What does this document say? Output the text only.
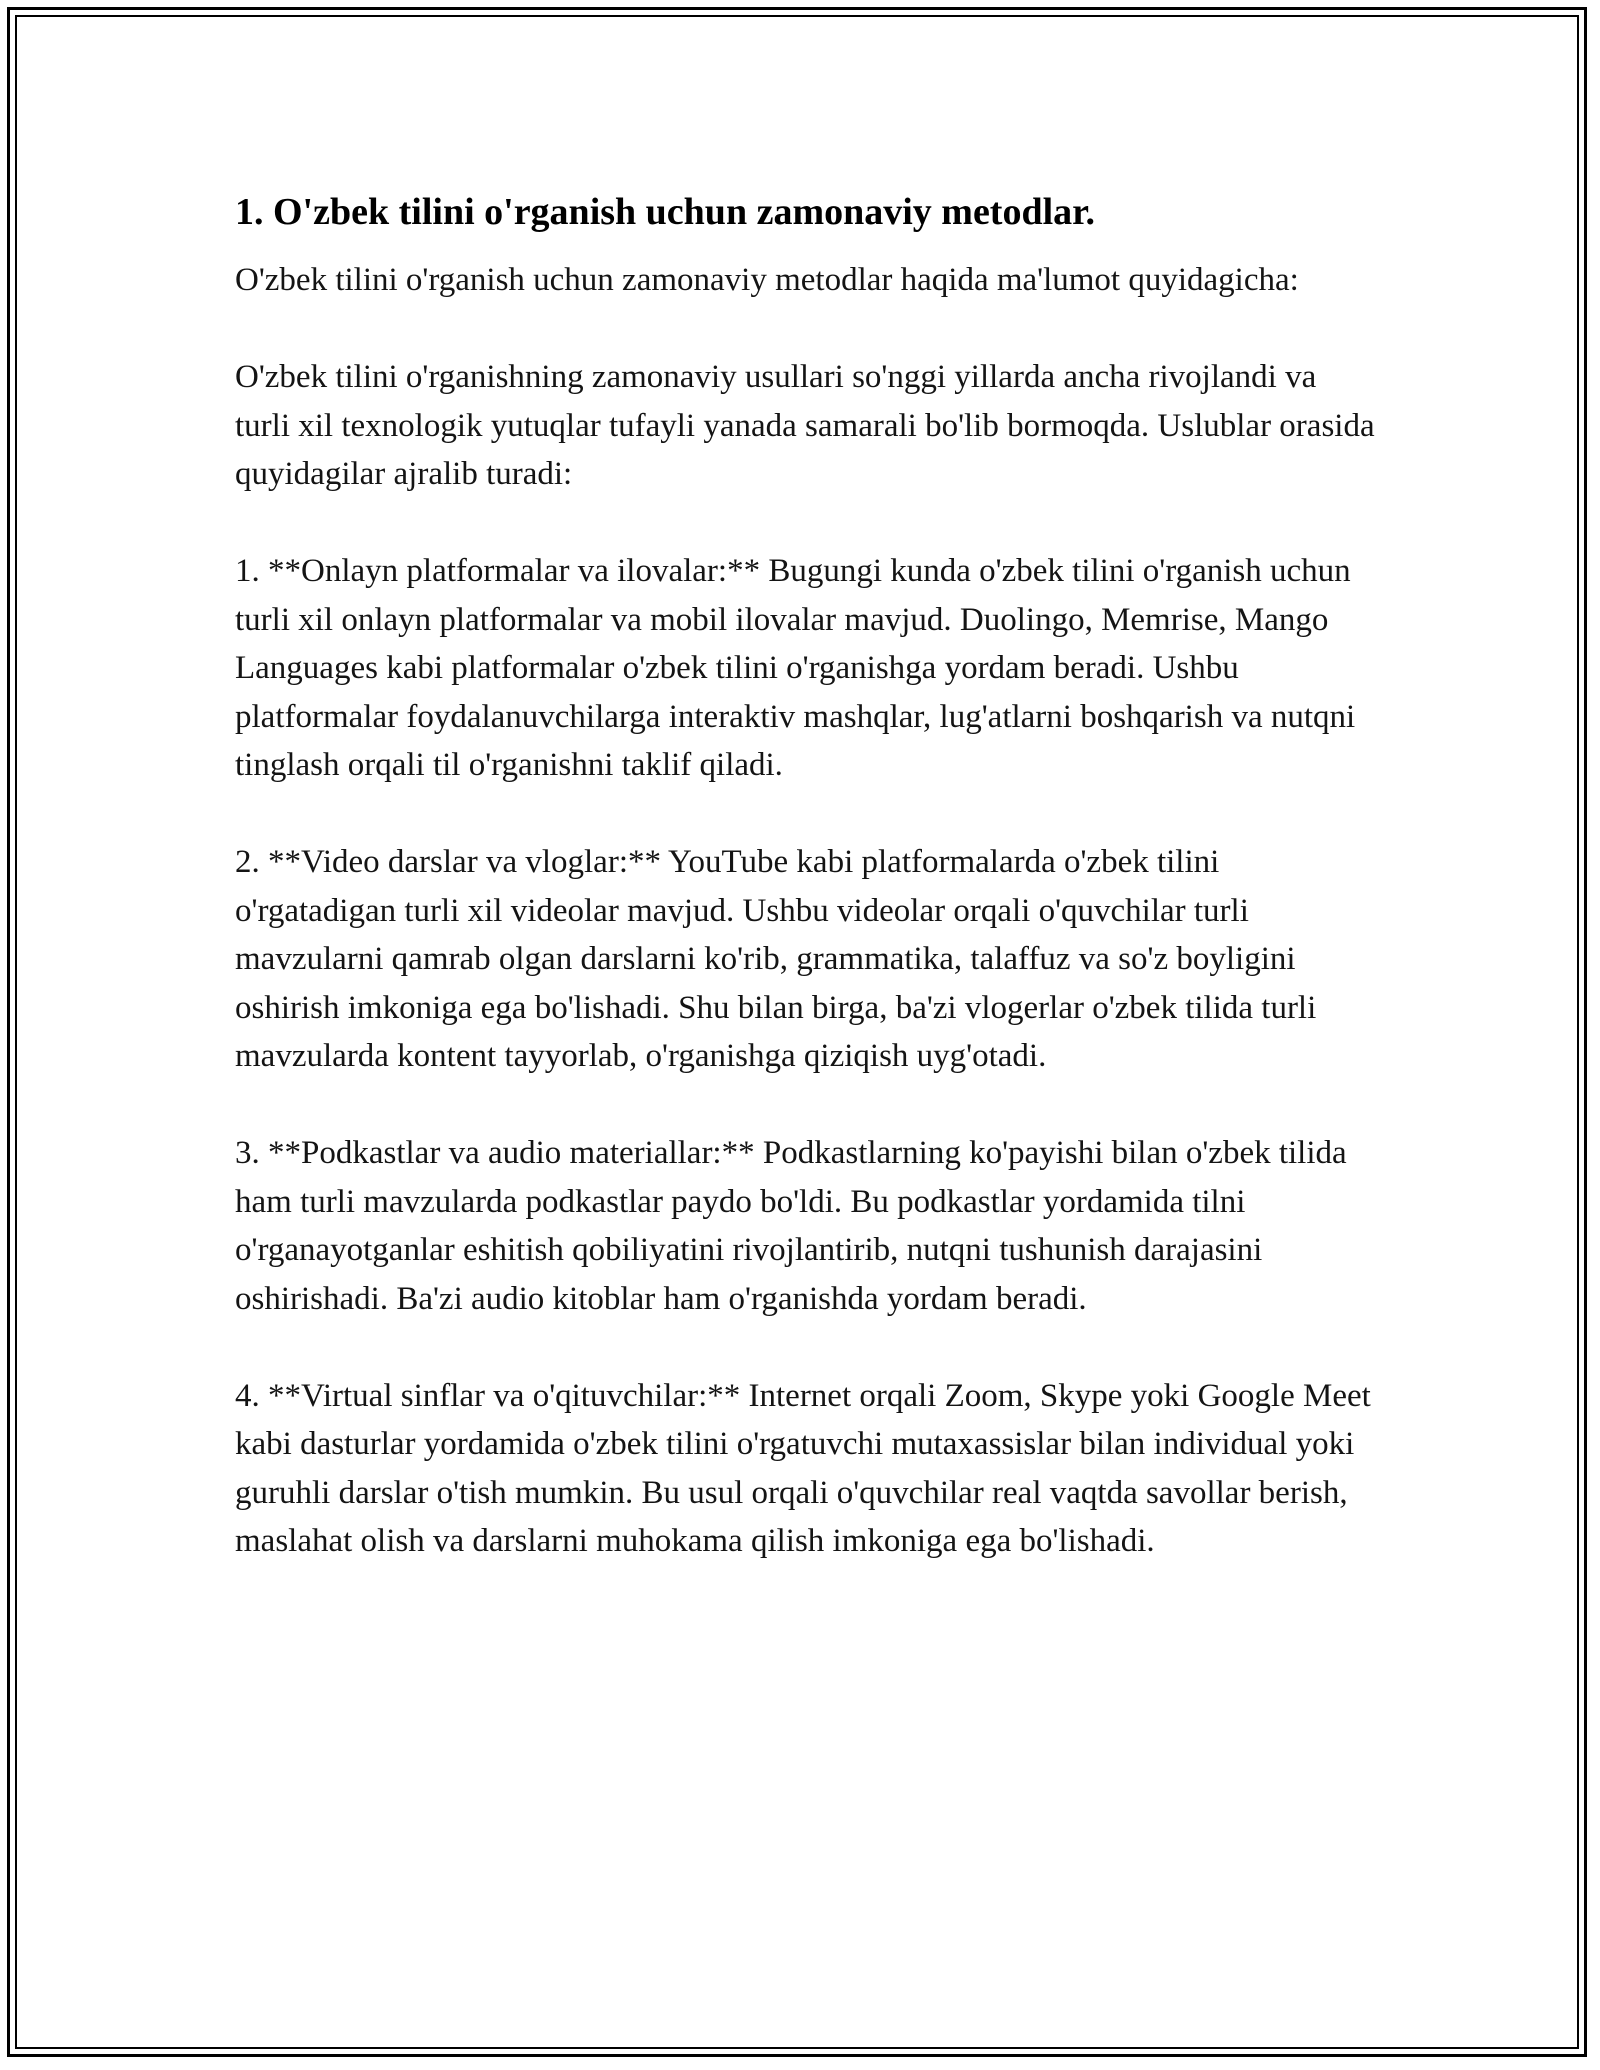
1. O'zbek tilini o'rganish uchun zamonaviy metodlar.

O'zbek tilini o'rganish uchun zamonaviy metodlar haqida ma'lumot quyidagicha:

O'zbek tilini o'rganishning zamonaviy usullari so'nggi yillarda ancha rivojlandi va turli xil texnologik yutuqlar tufayli yanada samarali bo'lib bormoqda. Uslublar orasida quyidagilar ajralib turadi:

1. **Onlayn platformalar va ilovalar:** Bugungi kunda o'zbek tilini o'rganish uchun turli xil onlayn platformalar va mobil ilovalar mavjud. Duolingo, Memrise, Mango Languages kabi platformalar o'zbek tilini o'rganishga yordam beradi. Ushbu platformalar foydalanuvchilarga interaktiv mashqlar, lug'atlarni boshqarish va nutqni tinglash orqali til o'rganishni taklif qiladi.

2. **Video darslar va vloglar:** YouTube kabi platformalarda o'zbek tilini o'rgatadigan turli xil videolar mavjud. Ushbu videolar orqali o'quvchilar turli mavzularni qamrab olgan darslarni ko'rib, grammatika, talaffuz va so'z boyligini oshirish imkoniga ega bo'lishadi. Shu bilan birga, ba'zi vlogerlar o'zbek tilida turli mavzularda kontent tayyorlab, o'rganishga qiziqish uyg'otadi.

3. **Podkastlar va audio materiallar:** Podkastlarning ko'payishi bilan o'zbek tilida ham turli mavzularda podkastlar paydo bo'ldi. Bu podkastlar yordamida tilni o'rganayotganlar eshitish qobiliyatini rivojlantirib, nutqni tushunish darajasini oshirishadi. Ba'zi audio kitoblar ham o'rganishda yordam beradi.

4. **Virtual sinflar va o'qituvchilar:** Internet orqali Zoom, Skype yoki Google Meet kabi dasturlar yordamida o'zbek tilini o'rgatuvchi mutaxassislar bilan individual yoki guruhli darslar o'tish mumkin. Bu usul orqali o'quvchilar real vaqtda savollar berish, maslahat olish va darslarni muhokama qilish imkoniga ega bo'lishadi.
